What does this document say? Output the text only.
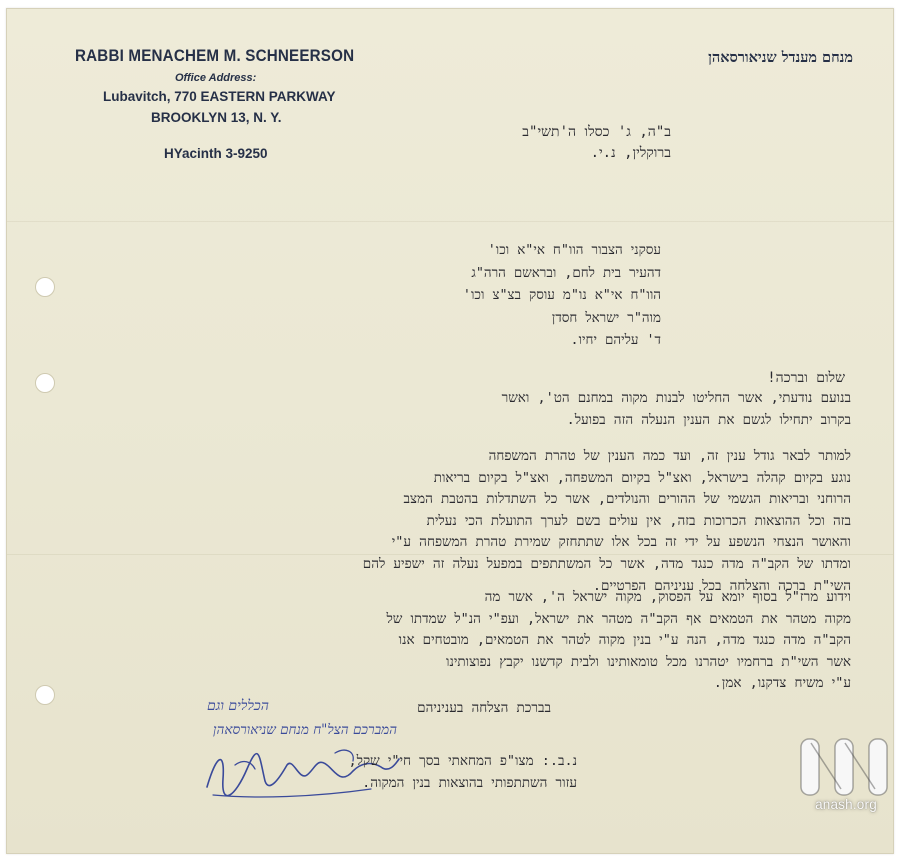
RABBI MENACHEM M. SCHNEERSON
Office Address:
Lubavitch, 770 EASTERN PARKWAY
BROOKLYN 13, N. Y.
HYacinth 3-9250
מנחם מענדל שניאורסאהן
ב"ה, ג' כסלו ה'תשי"ב
ברוקלין, נ.י.
עסקני הצבור הוו"ח אי"א וכו'
דהעיר בית לחם, ובראשם הרה"ג
הוו"ח אי"א נו"מ עוסק בצ"צ וכו'
מוה"ר ישראל חסדן
ד' עליהם יחיו.
שלום וברכה!
בנועם נודעתי, אשר החליטו לבנות מקוה במחנם הט', ואשר
בקרוב יתחילו לגשם את הענין הנעלה הזה בפועל.
למותר לבאר גודל ענין זה, ועד כמה הענין של טהרת המשפחה
נוגע בקיום קהלה בישראל, ואצ"ל בקיום המשפחה, ואצ"ל בקיום בריאות
הרוחני ובריאות הגשמי של ההורים והנולדים, אשר כל השתדלות בהטבת המצב
בזה וכל ההוצאות הכרוכות בזה, אין עולים בשם לערך התועלת הכי נעלית
והאושר הנצחי הנשפע על ידי זה בכל אלו שתתחזק שמירת טהרת המשפחה ע"י
ומדתו של הקב"ה מדה כנגד מדה, אשר כל המשתתפים במפעל נעלה זה ישפיע להם
השי"ת ברכה והצלחה בכל עניניהם הפרטיים.
וידוע מרז"ל בסוף יומא על הפסוק, מקוה ישראל ה', אשר מה
מקוה מטהר את הטמאים אף הקב"ה מטהר את ישראל, ועפ"י הנ"ל שמדתו של
הקב"ה מדה כנגד מדה, הנה ע"י בנין מקוה לטהר את הטמאים, מובטחים אנו
אשר השי"ת ברחמיו יטהרנו מכל טומאותינו ולבית קדשנו יקבץ נפוצותינו
ע"י משיח צדקנו, אמן.
בברכת הצלחה בעניניהם
הכללים וגם
המברכם הצל"ח מנחם שניאורסאהן
נ.ב.: מצו"פ המחאתי בסך חי"י שקל,
עזור השתתפותי בהוצאות בנין המקוה.
anash.org
